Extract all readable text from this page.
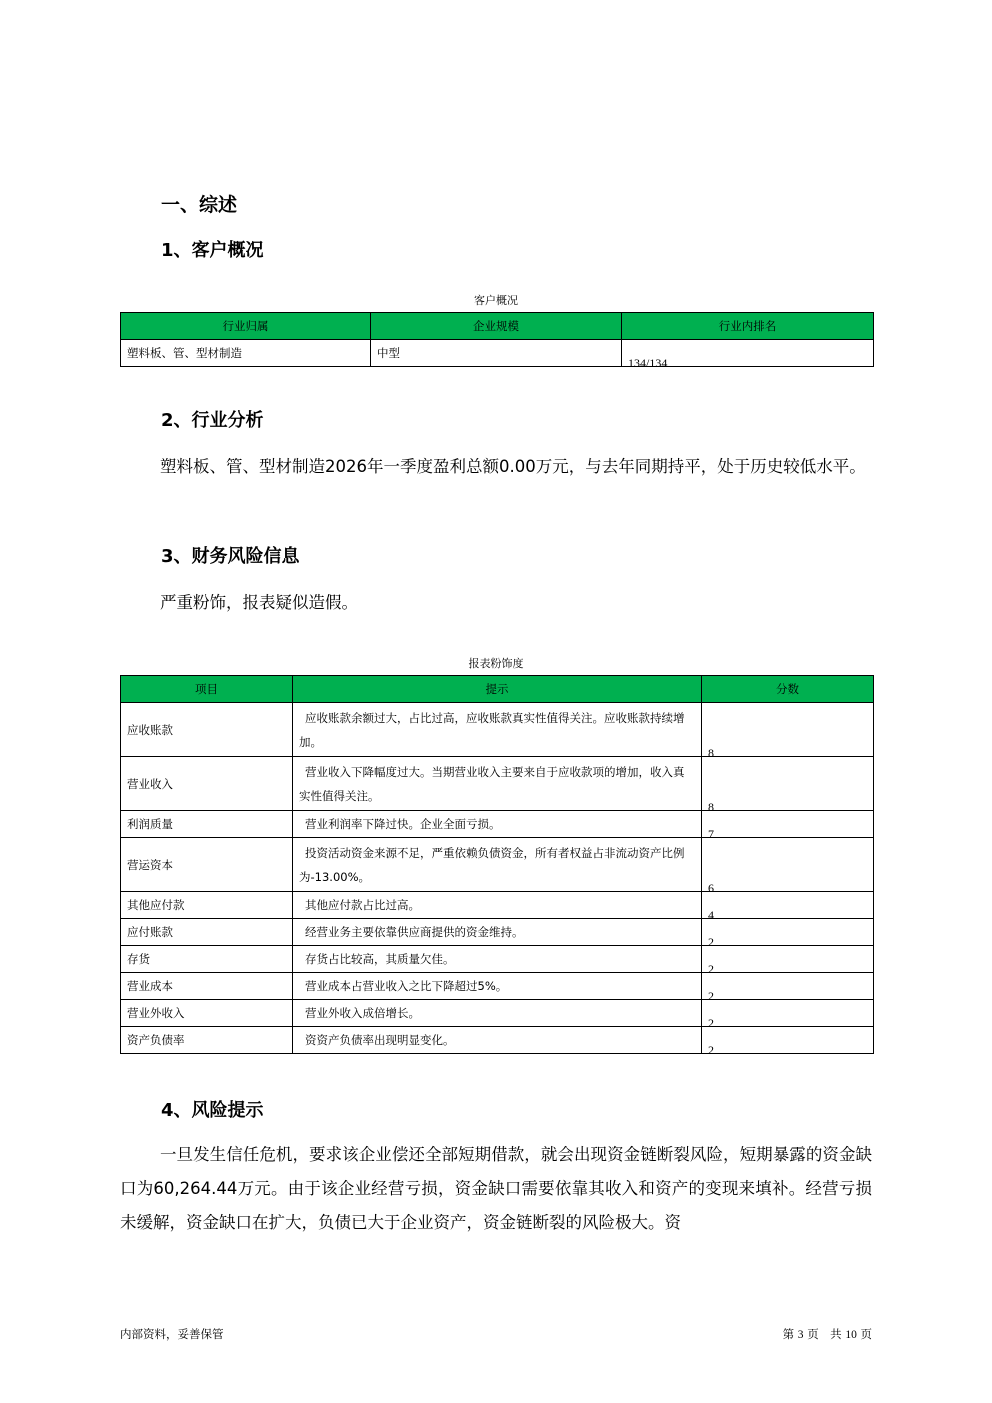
一、综述
1、客户概况
客户概况
行业归属	企业规模	行业内排名
塑料板、管、型材制造	中型	134/134
2、行业分析
塑料板、管、型材制造2026年一季度盈利总额0.00万元，与去年同期持平，处于历史较低水平。
3、财务风险信息
严重粉饰，报表疑似造假。
报表粉饰度
项目	提示	分数
应收账款	应收账款余额过大，占比过高，应收账款真实性值得关注。应收账款持续增加。	8

营业收入	营业收入下降幅度过大。当期营业收入主要来自于应收款项的增加，收入真实性值得关注。	8

利润质量	营业利润率下降过快。企业全面亏损。	7

营运资本	投资活动资金来源不足，严重依赖负债资金，所有者权益占非流动资产比例为-13.00%。	6

其他应付款	其他应付款占比过高。	4

应付账款	经营业务主要依靠供应商提供的资金维持。	2

存货	存货占比较高，其质量欠佳。	2

营业成本	营业成本占营业收入之比下降超过5%。	2

营业外收入	营业外收入成倍增长。	2

资产负债率	资资产负债率出现明显变化。	2
4、风险提示
一旦发生信任危机，要求该企业偿还全部短期借款，就会出现资金链断裂风险，短期暴露的资金缺口为60,264.44万元。由于该企业经营亏损，资金缺口需要依靠其收入和资产的变现来填补。经营亏损未缓解，资金缺口在扩大，负债已大于企业资产，资金链断裂的风险极大。资
内部资料，妥善保管	第 3 页　共 10 页
